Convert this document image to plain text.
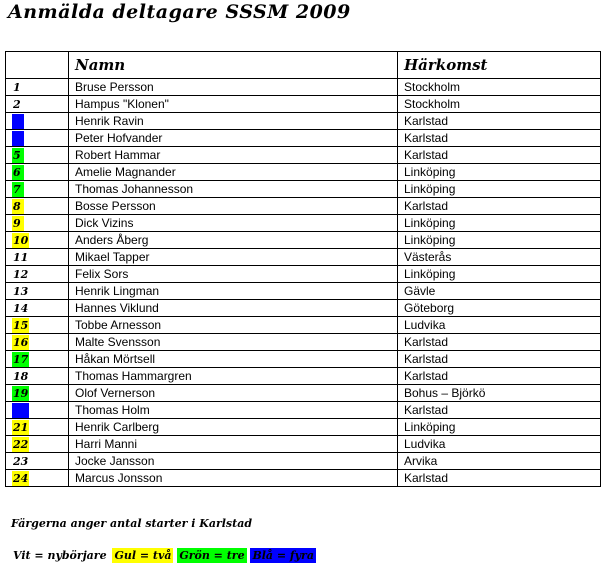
Anmälda deltagare SSSM 2009
	Namn	Härkomst
1	Bruse Persson	Stockholm
2	Hampus "Klonen"	Stockholm
3	Henrik Ravin	Karlstad
4	Peter Hofvander	Karlstad
5	Robert Hammar	Karlstad
6	Amelie Magnander	Linköping
7	Thomas Johannesson	Linköping
8	Bosse Persson	Karlstad
9	Dick Vizins	Linköping
10	Anders Åberg	Linköping
11	Mikael Tapper	Västerås
12	Felix Sors	Linköping
13	Henrik Lingman	Gävle
14	Hannes Viklund	Göteborg
15	Tobbe Arnesson	Ludvika
16	Malte Svensson	Karlstad
17	Håkan Mörtsell	Karlstad
18	Thomas Hammargren	Karlstad
19	Olof Vernerson	Bohus – Björkö
20	Thomas Holm	Karlstad
21	Henrik Carlberg	Linköping
22	Harri Manni	Ludvika
23	Jocke Jansson	Arvika
24	Marcus Jonsson	Karlstad
Färgerna anger antal starter i Karlstad
Vit = nybörjare Gul = två Grön = tre Blå = fyra
